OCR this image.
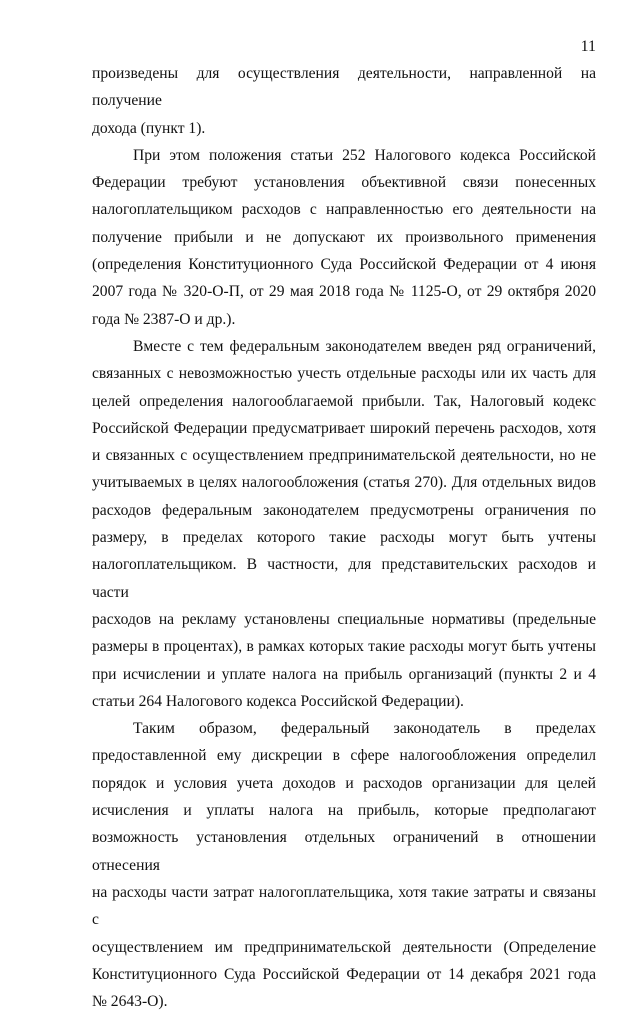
11

произведены для осуществления деятельности, направленной на получение

дохода (пункт 1).

При этом положения статьи 252 Налогового кодекса Российской

Федерации требуют установления объективной связи понесенных

налогоплательщиком расходов с направленностью его деятельности на

получение прибыли и не допускают их произвольного применения

(определения Конституционного Суда Российской Федерации от 4 июня

2007 года № 320-О-П, от 29 мая 2018 года № 1125-О, от 29 октября 2020

года № 2387-О и др.).

Вместе с тем федеральным законодателем введен ряд ограничений,

связанных с невозможностью учесть отдельные расходы или их часть для

целей определения налогооблагаемой прибыли. Так, Налоговый кодекс

Российской Федерации предусматривает широкий перечень расходов, хотя

и связанных с осуществлением предпринимательской деятельности, но не

учитываемых в целях налогообложения (статья 270). Для отдельных видов

расходов федеральным законодателем предусмотрены ограничения по

размеру, в пределах которого такие расходы могут быть учтены

налогоплательщиком. В частности, для представительских расходов и части

расходов на рекламу установлены специальные нормативы (предельные

размеры в процентах), в рамках которых такие расходы могут быть учтены

при исчислении и уплате налога на прибыль организаций (пункты 2 и 4

статьи 264 Налогового кодекса Российской Федерации).

Таким образом, федеральный законодатель в пределах

предоставленной ему дискреции в сфере налогообложения определил

порядок и условия учета доходов и расходов организации для целей

исчисления и уплаты налога на прибыль, которые предполагают

возможность установления отдельных ограничений в отношении отнесения

на расходы части затрат налогоплательщика, хотя такие затраты и связаны с

осуществлением им предпринимательской деятельности (Определение

Конституционного Суда Российской Федерации от 14 декабря 2021 года

№ 2643-О).
